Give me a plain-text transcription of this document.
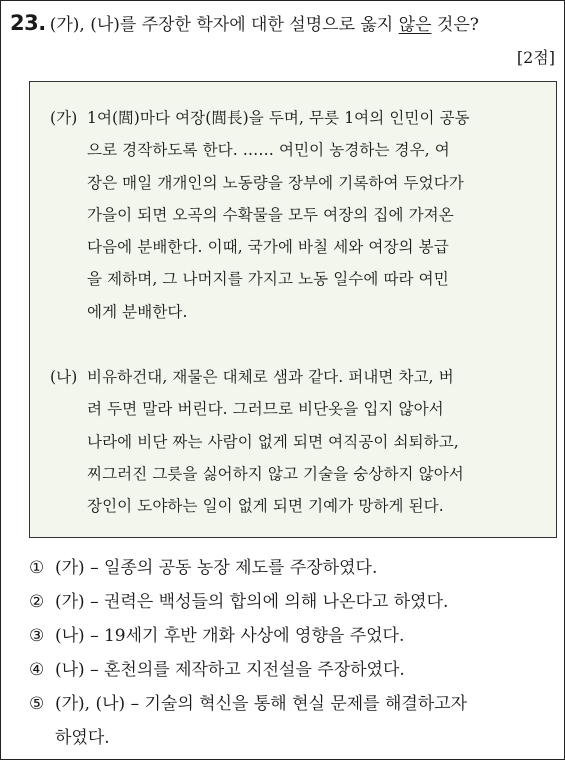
23. (가), (나)를 주장한 학자에 대한 설명으로 옳지 않은 것은?
[2점]
(가) 1여(閭)마다 여장(閭長)을 두며, 무릇 1여의 인민이 공동
으로 경작하도록 한다. …… 여민이 농경하는 경우, 여
장은 매일 개개인의 노동량을 장부에 기록하여 두었다가
가을이 되면 오곡의 수확물을 모두 여장의 집에 가져온
다음에 분배한다. 이때, 국가에 바칠 세와 여장의 봉급
을 제하며, 그 나머지를 가지고 노동 일수에 따라 여민
에게 분배한다.
(나) 비유하건대, 재물은 대체로 샘과 같다. 퍼내면 차고, 버
려 두면 말라 버린다. 그러므로 비단옷을 입지 않아서
나라에 비단 짜는 사람이 없게 되면 여직공이 쇠퇴하고,
찌그러진 그릇을 싫어하지 않고 기술을 숭상하지 않아서
장인이 도야하는 일이 없게 되면 기예가 망하게 된다.
① (가) – 일종의 공동 농장 제도를 주장하였다.
② (가) – 권력은 백성들의 합의에 의해 나온다고 하였다.
③ (나) – 19세기 후반 개화 사상에 영향을 주었다.
④ (나) – 혼천의를 제작하고 지전설을 주장하였다.
⑤ (가), (나) – 기술의 혁신을 통해 현실 문제를 해결하고자
하였다.
